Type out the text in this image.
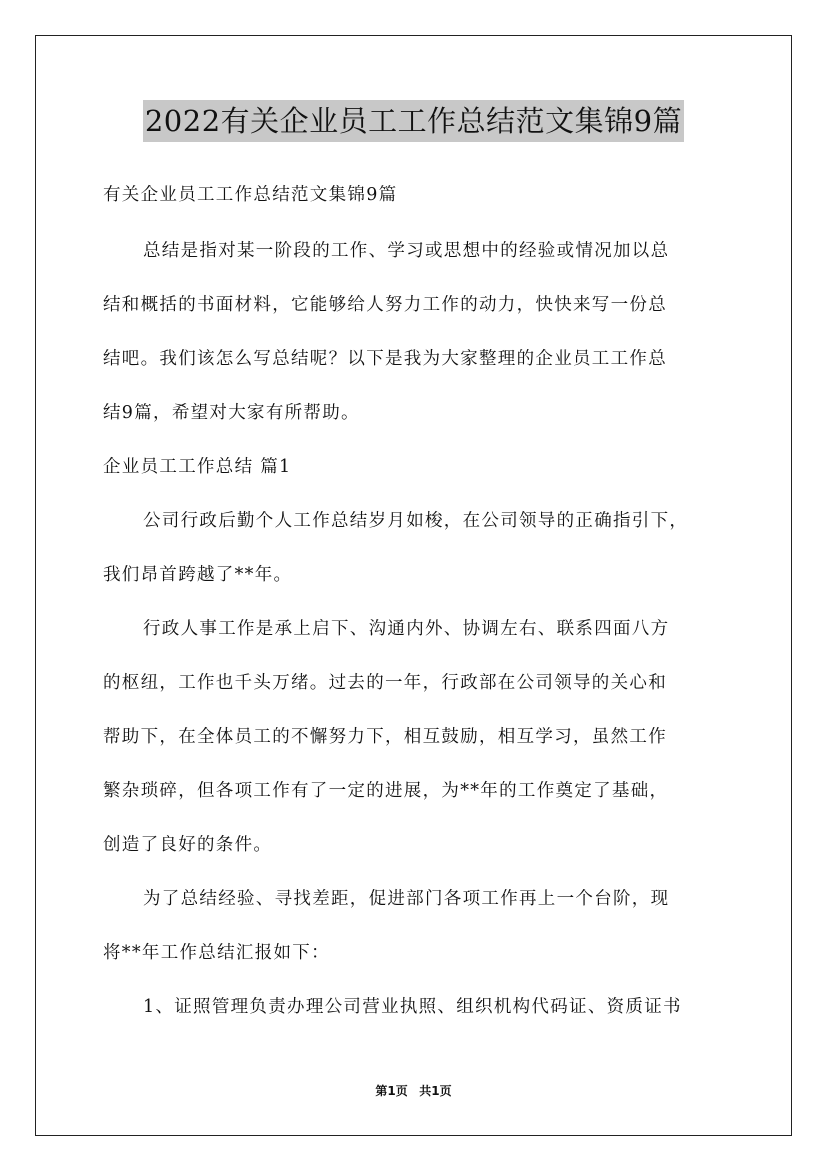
2022有关企业员工工作总结范文集锦9篇
有关企业员工工作总结范文集锦9篇
总结是指对某一阶段的工作、学习或思想中的经验或情况加以总
结和概括的书面材料，它能够给人努力工作的动力，快快来写一份总
结吧。我们该怎么写总结呢？以下是我为大家整理的企业员工工作总
结9篇，希望对大家有所帮助。
企业员工工作总结 篇1
公司行政后勤个人工作总结岁月如梭，在公司领导的正确指引下，
我们昂首跨越了**年。
行政人事工作是承上启下、沟通内外、协调左右、联系四面八方
的枢纽，工作也千头万绪。过去的一年，行政部在公司领导的关心和
帮助下，在全体员工的不懈努力下，相互鼓励，相互学习，虽然工作
繁杂琐碎，但各项工作有了一定的进展，为**年的工作奠定了基础，
创造了良好的条件。
为了总结经验、寻找差距，促进部门各项工作再上一个台阶，现
将**年工作总结汇报如下：
1、证照管理负责办理公司营业执照、组织机构代码证、资质证书
第1页 共1页
